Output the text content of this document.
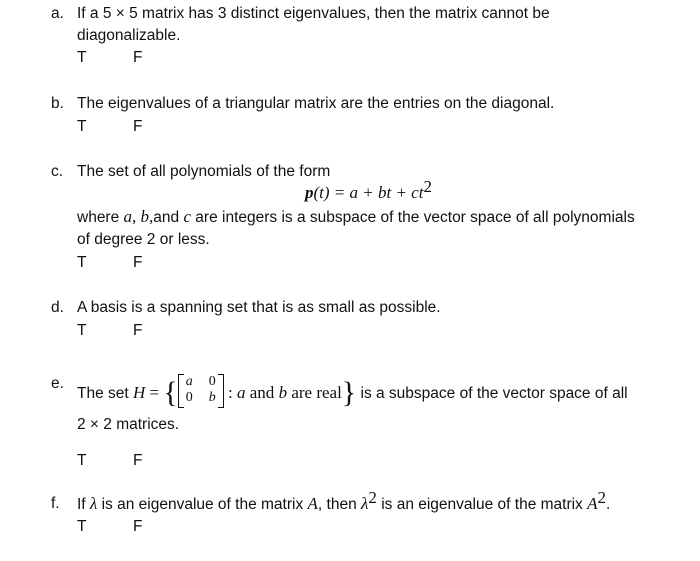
a. If a 5 × 5 matrix has 3 distinct eigenvalues, then the matrix cannot be
diagonalizable.
T	F
b. The eigenvalues of a triangular matrix are the entries on the diagonal.
T	F
c. The set of all polynomials of the form
p(t) = a + bt + $ct^2$
where a, b,and c are integers is a subspace of the vector space of all polynomials
of degree 2 or less.
T	F
d. A basis is a spanning set that is as small as possible.
T	F
e.
The set H = { a 0
0 b : a and b are real} is a subspace of the vector space of all
2 × 2 matrices.
T	F
f. If λ is an eigenvalue of the matrix A, then $\lambda^2$ is an eigenvalue of the matrix $A^2$.
T	F
